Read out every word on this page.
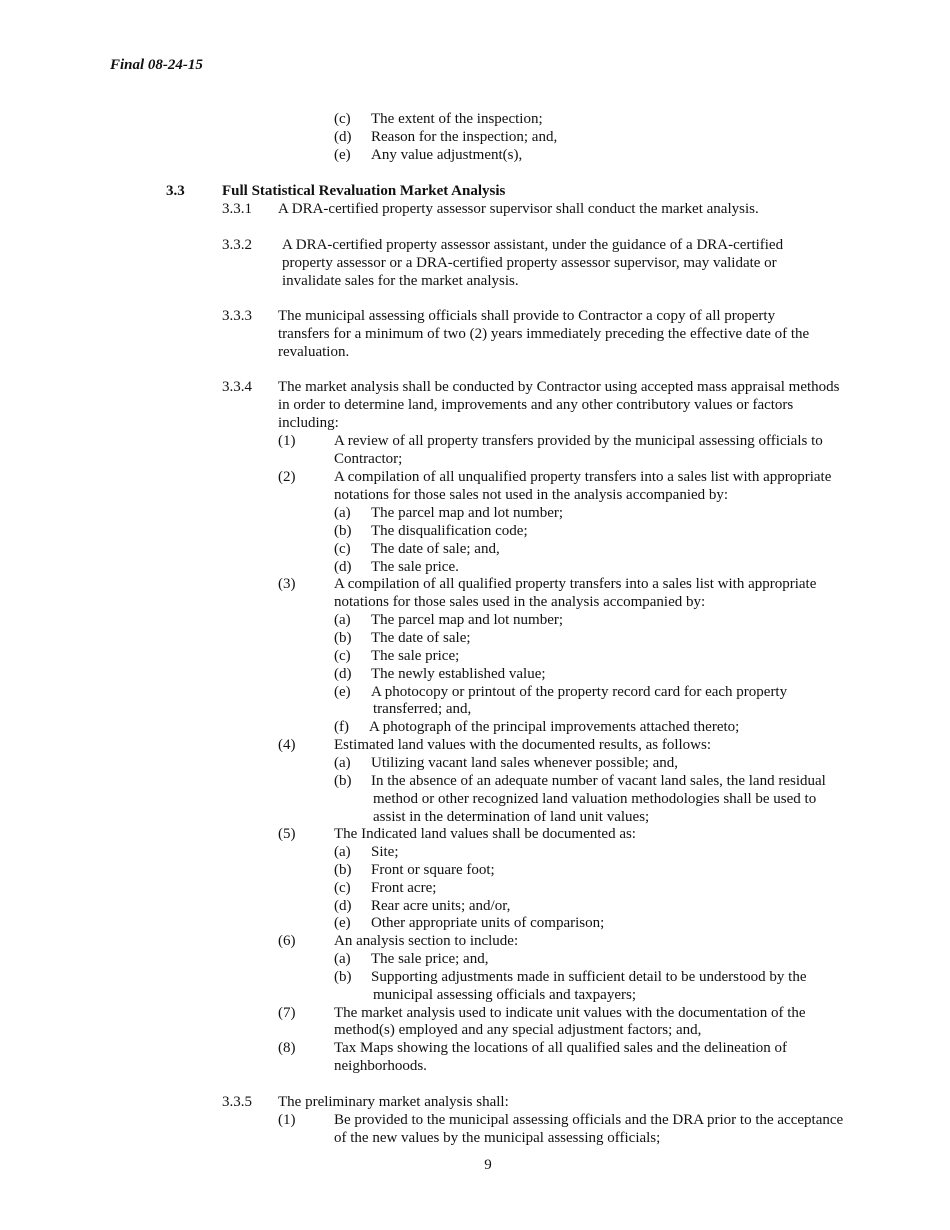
Final 08-24-15
(c) The extent of the inspection;
(d) Reason for the inspection; and,
(e) Any value adjustment(s),
3.3 Full Statistical Revaluation Market Analysis
3.3.1 A DRA-certified property assessor supervisor shall conduct the market analysis.
3.3.2 A DRA-certified property assessor assistant, under the guidance of a DRA-certified
property assessor or a DRA-certified property assessor supervisor, may validate or
invalidate sales for the market analysis.
3.3.3 The municipal assessing officials shall provide to Contractor a copy of all property
transfers for a minimum of two (2) years immediately preceding the effective date of the
revaluation.
3.3.4 The market analysis shall be conducted by Contractor using accepted mass appraisal methods
in order to determine land, improvements and any other contributory values or factors
including:
(1)	A review of all property transfers provided by the municipal assessing officials to
Contractor;
(2)	A compilation of all unqualified property transfers into a sales list with appropriate
notations for those sales not used in the analysis accompanied by:
(a) The parcel map and lot number;
(b) The disqualification code;
(c) The date of sale; and,
(d) The sale price.
(3)	A compilation of all qualified property transfers into a sales list with appropriate
notations for those sales used in the analysis accompanied by:
(a) The parcel map and lot number;
(b) The date of sale;
(c) The sale price;
(d) The newly established value;
(e) A photocopy or printout of the property record card for each property
transferred; and,
(f) A photograph of the principal improvements attached thereto;
(4)	Estimated land values with the documented results, as follows:
(a) Utilizing vacant land sales whenever possible; and,
(b) In the absence of an adequate number of vacant land sales, the land residual
method or other recognized land valuation methodologies shall be used to
assist in the determination of land unit values;
(5)	The Indicated land values shall be documented as:
(a) Site;
(b) Front or square foot;
(c) Front acre;
(d) Rear acre units; and/or,
(e) Other appropriate units of comparison;
(6)	An analysis section to include:
(a) The sale price; and,
(b) Supporting adjustments made in sufficient detail to be understood by the
municipal assessing officials and taxpayers;
(7)	The market analysis used to indicate unit values with the documentation of the
method(s) employed and any special adjustment factors; and,
(8)	Tax Maps showing the locations of all qualified sales and the delineation of
neighborhoods.
3.3.5 The preliminary market analysis shall:
(1)	Be provided to the municipal assessing officials and the DRA prior to the acceptance
of the new values by the municipal assessing officials;
9
